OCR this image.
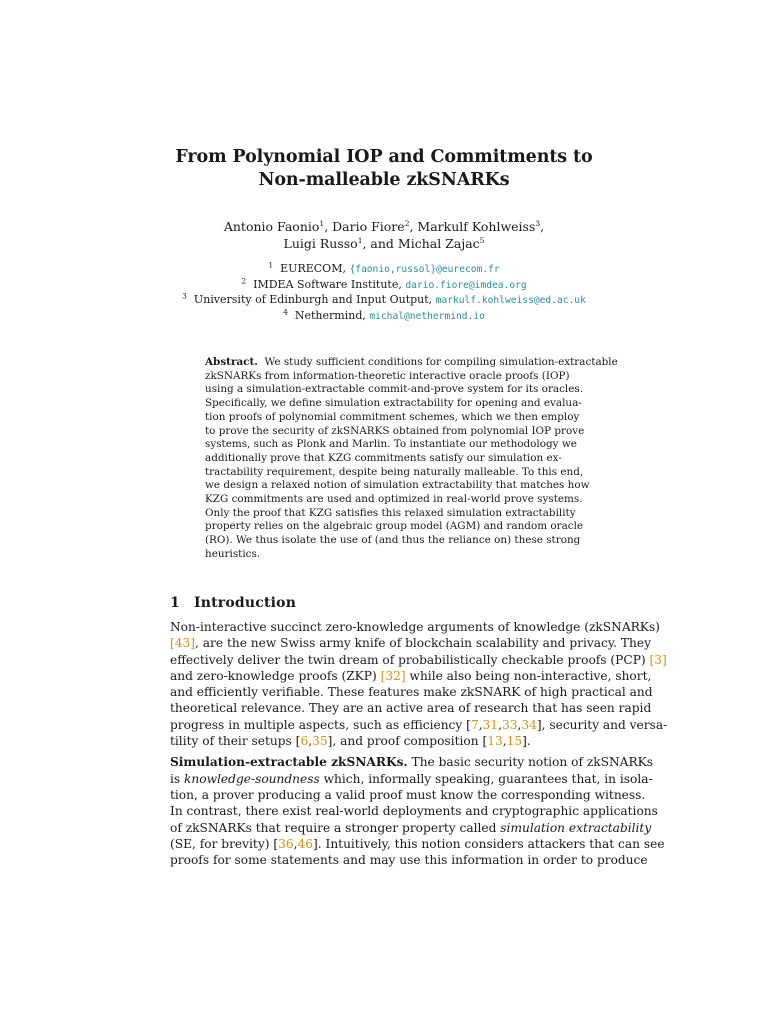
From Polynomial IOP and Commitments to
Non-malleable zkSNARKs
Antonio Faonio$^1$, Dario Fiore$^2$, Markulf Kohlweiss$^3$,
Luigi Russo$^1$, and Michal Zajac$^5$
$^1$ EURECOM, {faonio,russol}@eurecom.fr
$^2$ IMDEA Software Institute, dario.fiore@imdea.org
$^3$ University of Edinburgh and Input Output, markulf.kohlweiss@ed.ac.uk
$^4$ Nethermind, michal@nethermind.io
Abstract. We study sufficient conditions for compiling simulation-extractable
zkSNARKs from information-theoretic interactive oracle proofs (IOP)
using a simulation-extractable commit-and-prove system for its oracles.
Specifically, we define simulation extractability for opening and evalua-
tion proofs of polynomial commitment schemes, which we then employ
to prove the security of zkSNARKS obtained from polynomial IOP prove
systems, such as Plonk and Marlin. To instantiate our methodology we
additionally prove that KZG commitments satisfy our simulation ex-
tractability requirement, despite being naturally malleable. To this end,
we design a relaxed notion of simulation extractability that matches how
KZG commitments are used and optimized in real-world prove systems.
Only the proof that KZG satisfies this relaxed simulation extractability
property relies on the algebraic group model (AGM) and random oracle
(RO). We thus isolate the use of (and thus the reliance on) these strong
heuristics.
1 Introduction
Non-interactive succinct zero-knowledge arguments of knowledge (zkSNARKs)
[43], are the new Swiss army knife of blockchain scalability and privacy. They
effectively deliver the twin dream of probabilistically checkable proofs (PCP) [3]
and zero-knowledge proofs (ZKP) [32] while also being non-interactive, short,
and efficiently verifiable. These features make zkSNARK of high practical and
theoretical relevance. They are an active area of research that has seen rapid
progress in multiple aspects, such as efficiency [7,31,33,34], security and versa-
tility of their setups [6,35], and proof composition [13,15].
Simulation-extractable zkSNARKs. The basic security notion of zkSNARKs
is knowledge-soundness which, informally speaking, guarantees that, in isola-
tion, a prover producing a valid proof must know the corresponding witness.
In contrast, there exist real-world deployments and cryptographic applications
of zkSNARKs that require a stronger property called simulation extractability
(SE, for brevity) [36,46]. Intuitively, this notion considers attackers that can see
proofs for some statements and may use this information in order to produce
